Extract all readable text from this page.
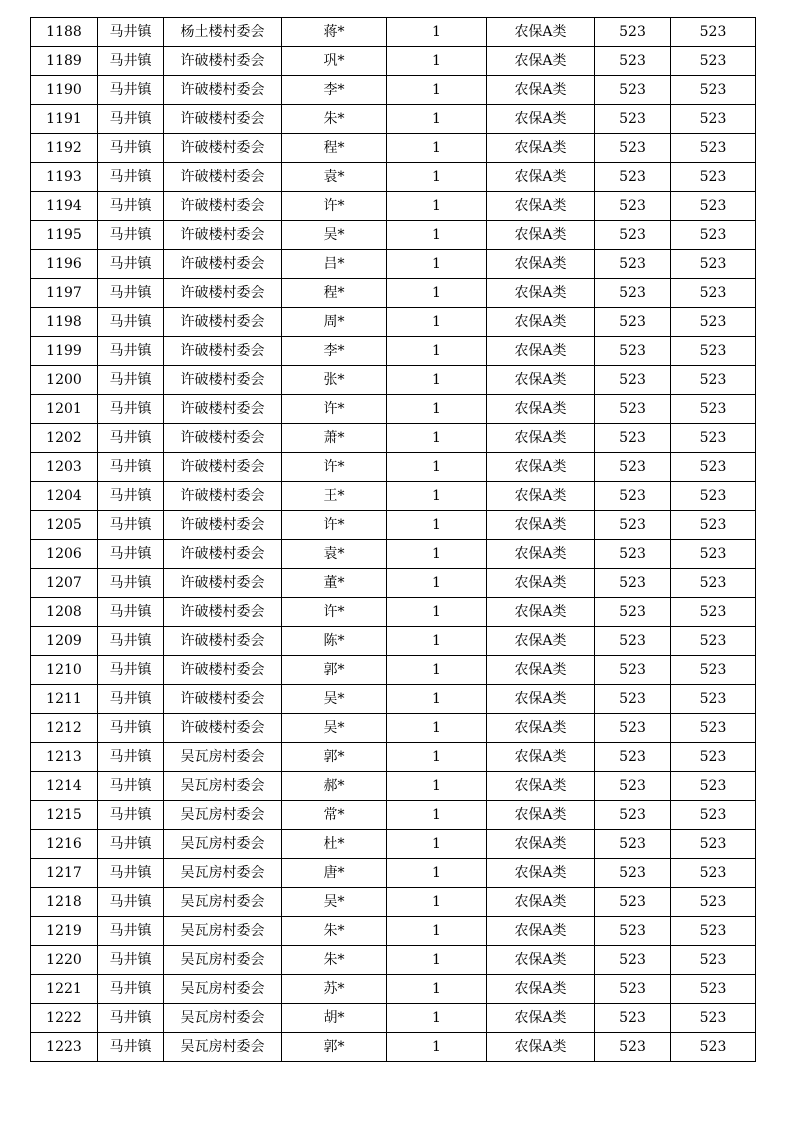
1188	马井镇	杨土楼村委会	蒋*	1	农保A类	523	523
1189	马井镇	许破楼村委会	巩*	1	农保A类	523	523
1190	马井镇	许破楼村委会	李*	1	农保A类	523	523
1191	马井镇	许破楼村委会	朱*	1	农保A类	523	523
1192	马井镇	许破楼村委会	程*	1	农保A类	523	523
1193	马井镇	许破楼村委会	袁*	1	农保A类	523	523
1194	马井镇	许破楼村委会	许*	1	农保A类	523	523
1195	马井镇	许破楼村委会	吴*	1	农保A类	523	523
1196	马井镇	许破楼村委会	吕*	1	农保A类	523	523
1197	马井镇	许破楼村委会	程*	1	农保A类	523	523
1198	马井镇	许破楼村委会	周*	1	农保A类	523	523
1199	马井镇	许破楼村委会	李*	1	农保A类	523	523
1200	马井镇	许破楼村委会	张*	1	农保A类	523	523
1201	马井镇	许破楼村委会	许*	1	农保A类	523	523
1202	马井镇	许破楼村委会	萧*	1	农保A类	523	523
1203	马井镇	许破楼村委会	许*	1	农保A类	523	523
1204	马井镇	许破楼村委会	王*	1	农保A类	523	523
1205	马井镇	许破楼村委会	许*	1	农保A类	523	523
1206	马井镇	许破楼村委会	袁*	1	农保A类	523	523
1207	马井镇	许破楼村委会	董*	1	农保A类	523	523
1208	马井镇	许破楼村委会	许*	1	农保A类	523	523
1209	马井镇	许破楼村委会	陈*	1	农保A类	523	523
1210	马井镇	许破楼村委会	郭*	1	农保A类	523	523
1211	马井镇	许破楼村委会	吴*	1	农保A类	523	523
1212	马井镇	许破楼村委会	吴*	1	农保A类	523	523
1213	马井镇	吴瓦房村委会	郭*	1	农保A类	523	523
1214	马井镇	吴瓦房村委会	郝*	1	农保A类	523	523
1215	马井镇	吴瓦房村委会	常*	1	农保A类	523	523
1216	马井镇	吴瓦房村委会	杜*	1	农保A类	523	523
1217	马井镇	吴瓦房村委会	唐*	1	农保A类	523	523
1218	马井镇	吴瓦房村委会	吴*	1	农保A类	523	523
1219	马井镇	吴瓦房村委会	朱*	1	农保A类	523	523
1220	马井镇	吴瓦房村委会	朱*	1	农保A类	523	523
1221	马井镇	吴瓦房村委会	苏*	1	农保A类	523	523
1222	马井镇	吴瓦房村委会	胡*	1	农保A类	523	523
1223	马井镇	吴瓦房村委会	郭*	1	农保A类	523	523
